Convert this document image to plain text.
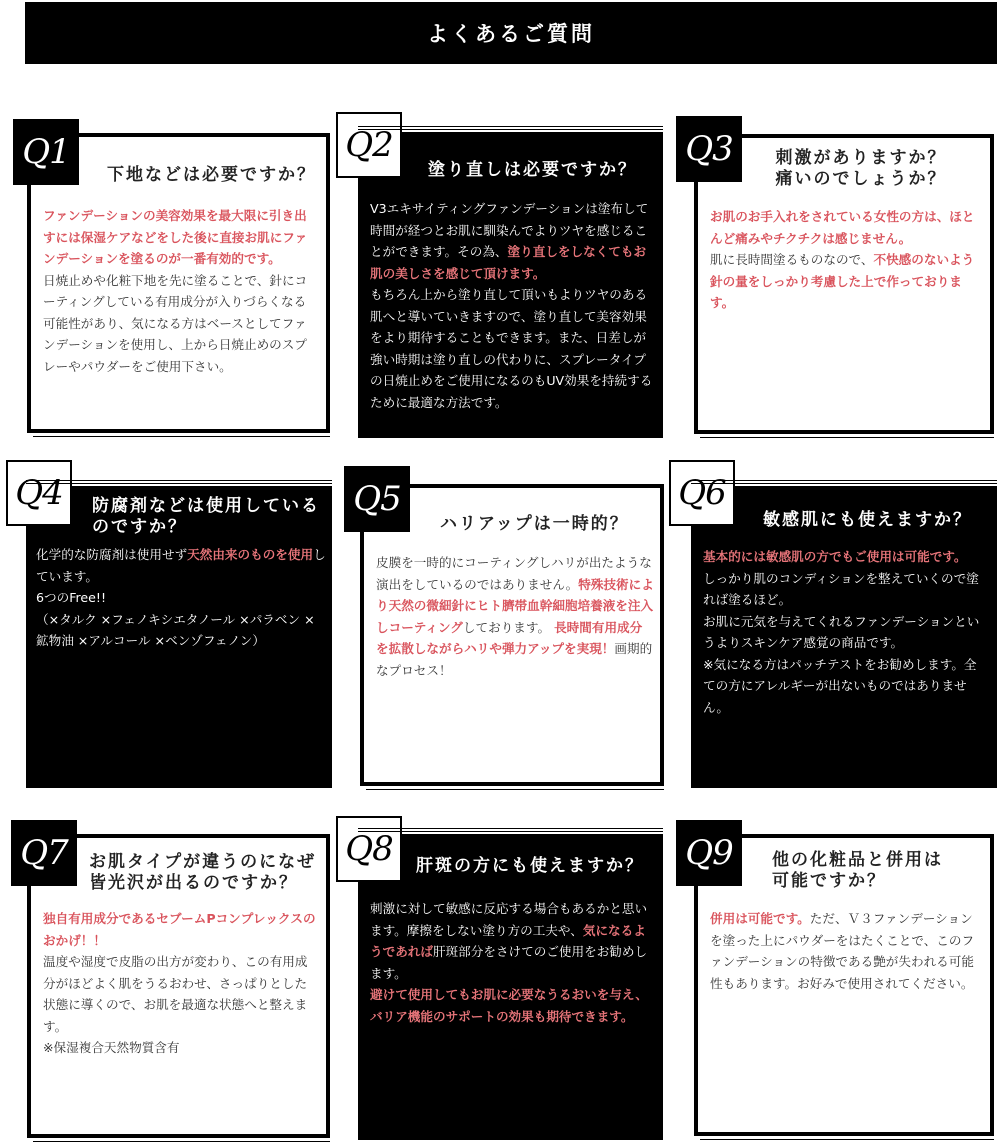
よくあるご質問
Q1
下地などは必要ですか？
ファンデーションの美容効果を最大限に引き出すには保湿ケアなどをした後に直接お肌にファンデーションを塗るのが一番有効的です。
日焼止めや化粧下地を先に塗ることで、針にコーティングしている有用成分が入りづらくなる可能性があり、気になる方はベースとしてファンデーションを使用し、上から日焼止めのスプレーやパウダーをご使用下さい。
Q2
塗り直しは必要ですか？
V3エキサイティングファンデーションは塗布して時間が経つとお肌に馴染んでよりツヤを感じることができます。その為、塗り直しをしなくてもお肌の美しさを感じて頂けます。
もちろん上から塗り直して頂いもよりツヤのある肌へと導いていきますので、塗り直して美容効果をより期待することもできます。また、日差しが強い時期は塗り直しの代わりに、スプレータイプの日焼止めをご使用になるのもUV効果を持続するために最適な方法です。
Q3	刺激がありますか？
痛いのでしょうか？
お肌のお手入れをされている女性の方は、ほとんど痛みやチクチクは感じません。
肌に長時間塗るものなので、不快感のないよう針の量をしっかり考慮した上で作っております。
Q4	防腐剤などは使用している
のですか？
化学的な防腐剤は使用せず天然由来のものを使用しています。
6つのFree!!
（×タルク ×フェノキシエタノール ×パラベン ×鉱物油 ×アルコール ×ベンゾフェノン）
Q5
ハリアップは一時的？
皮膜を一時的にコーティングしハリが出たような演出をしているのではありません。特殊技術により天然の微細針にヒト臍帯血幹細胞培養液を注入しコーティングしております。 長時間有用成分を拡散しながらハリや弾力アップを実現！画期的なプロセス！
Q6
敏感肌にも使えますか？
基本的には敏感肌の方でもご使用は可能です。
しっかり肌のコンディションを整えていくので塗れば塗るほど。
お肌に元気を与えてくれるファンデーションというよりスキンケア感覚の商品です。
※気になる方はパッチテストをお勧めします。全ての方にアレルギーが出ないものではありません。
Q7	お肌タイプが違うのになぜ
皆光沢が出るのですか？
独自有用成分であるセブームPコンプレックスのおかげ！！
温度や湿度で皮脂の出方が変わり、この有用成分がほどよく肌をうるおわせ、さっぱりとした状態に導くので、お肌を最適な状態へと整えます。
※保湿複合天然物質含有
Q8	肝斑の方にも使えますか？
刺激に対して敏感に反応する場合もあるかと思います。摩擦をしない塗り方の工夫や、気になるようであれば肝斑部分をさけてのご使用をお勧めします。
避けて使用してもお肌に必要なうるおいを与え、バリア機能のサポートの効果も期待できます。
Q9	他の化粧品と併用は
可能ですか？
併用は可能です。ただ、Ｖ３ファンデーションを塗った上にパウダーをはたくことで、このファンデーションの特徴である艶が失われる可能性もあります。お好みで使用されてください。
